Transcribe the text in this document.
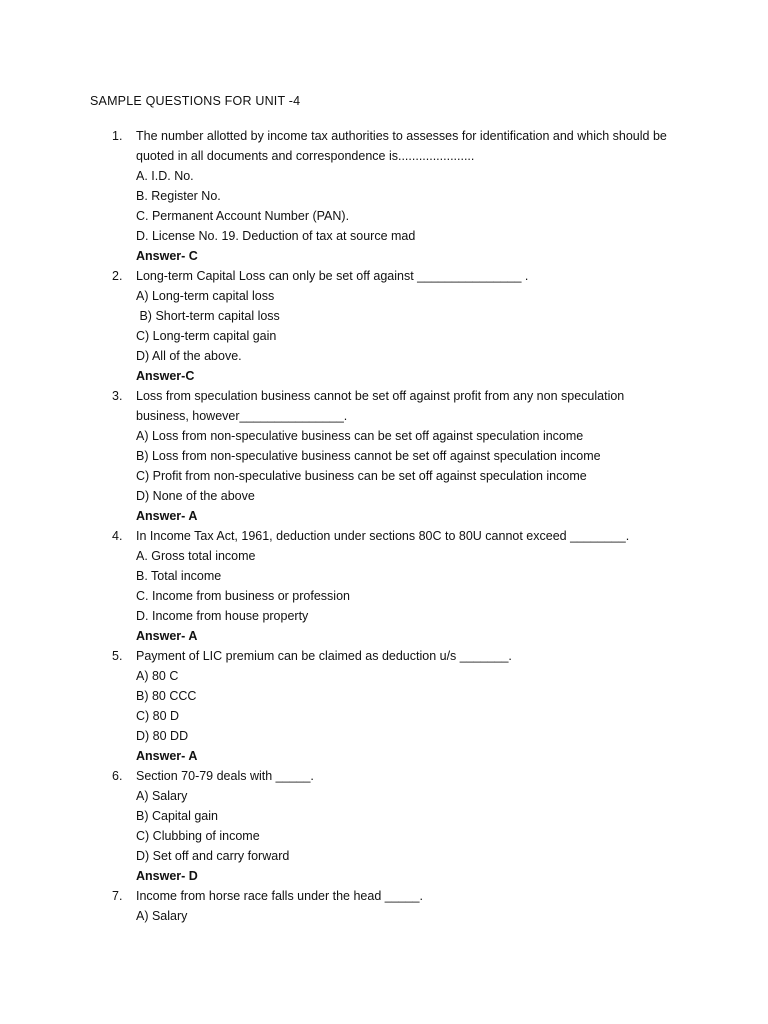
SAMPLE QUESTIONS FOR UNIT -4
1.	The number allotted by income tax authorities to assesses for identification and which should be
quoted in all documents and correspondence is......................
A. I.D. No.
B. Register No.
C. Permanent Account Number (PAN).
D. License No. 19. Deduction of tax at source mad
Answer- C
2.	Long-term Capital Loss can only be set off against _______________ .
A) Long-term capital loss
B) Short-term capital loss
C) Long-term capital gain
D) All of the above.
Answer-C
3.	Loss from speculation business cannot be set off against profit from any non speculation
business, however_______________.
A) Loss from non-speculative business can be set off against speculation income
B) Loss from non-speculative business cannot be set off against speculation income
C) Profit from non-speculative business can be set off against speculation income
D) None of the above
Answer- A
4.	In Income Tax Act, 1961, deduction under sections 80C to 80U cannot exceed ________.
A. Gross total income
B. Total income
C. Income from business or profession
D. Income from house property
Answer- A
5.	Payment of LIC premium can be claimed as deduction u/s _______.
A) 80 C
B) 80 CCC
C) 80 D
D) 80 DD
Answer- A
6.	Section 70-79 deals with _____.
A) Salary
B) Capital gain
C) Clubbing of income
D) Set off and carry forward
Answer- D
7.	Income from horse race falls under the head _____.
A) Salary
